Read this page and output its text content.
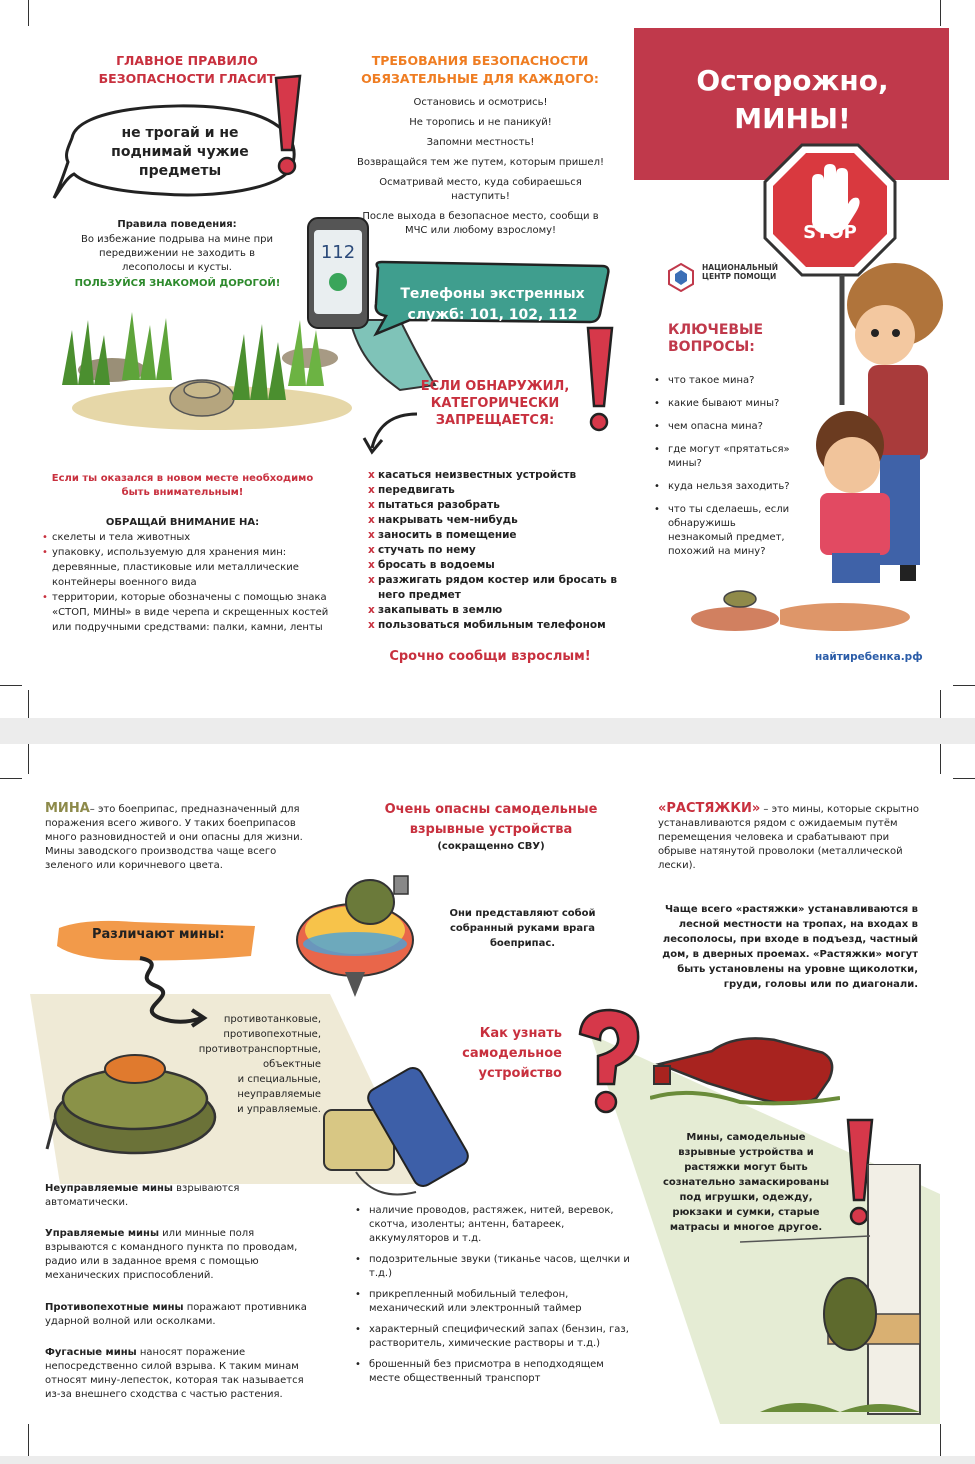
ГЛАВНОЕ ПРАВИЛО БЕЗОПАСНОСТИ ГЛАСИТ
не трогай и не поднимай чужие предметы
Правила поведения:
Во избежание подрыва на мине при передвижении не заходить в лесополосы и кусты.
ПОЛЬЗУЙСЯ ЗНАКОМОЙ ДОРОГОЙ!
112
Телефоны экстренных служб: 101, 102, 112
ТРЕБОВАНИЯ БЕЗОПАСНОСТИ ОБЯЗАТЕЛЬНЫЕ ДЛЯ КАЖДОГО:

Остановись и осмотрись!

Не торопись и не паникуй!

Запомни местность!

Возвращайся тем же путем, которым пришел!

Осматривай место, куда собираешься наступить!

После выхода в безопасное место, сообщи в МЧС или любому взрослому!

ЕСЛИ ОБНАРУЖИЛ, КАТЕГОРИЧЕСКИ ЗАПРЕЩАЕТСЯ:
x касаться неизвестных устройств
x передвигать
x пытаться разобрать
x накрывать чем-нибудь
x заносить в помещение
x стучать по нему
x бросать в водоемы
x разжигать рядом костер или бросать в него предмет
x закапывать в землю
x пользоваться мобильным телефоном
Срочно сообщи взрослым!
Если ты оказался в новом месте необходимо быть внимательным!
ОБРАЩАЙ ВНИМАНИЕ НА:
• скелеты и тела животных
• упаковку, используемую для хранения мин: деревянные, пластиковые или металлические контейнеры военного вида
• территории, которые обозначены с помощью знака «СТОП, МИНЫ» в виде черепа и скрещенных костей или подручными средствами: палки, камни, ленты
Осторожно, МИНЫ!
STOP
НАЦИОНАЛЬНЫЙ
ЦЕНТР ПОМОЩИ
КЛЮЧЕВЫЕ ВОПРОСЫ:
• что такое мина?
• какие бывают мины?
• чем опасна мина?
• где могут «прятаться» мины?
• куда нельзя заходить?
• что ты сделаешь, если обнаружишь незнакомый предмет, похожий на мину?
найтиребенка.рф
МИНА– это боеприпас, предназначенный для поражения всего живого. У таких боеприпасов много разновидностей и они опасны для жизни. Мины заводского производства чаще всего зеленого или коричневого цвета.
Различают мины:
противотанковые,
противопехотные,
противотранспортные,
объектные
и специальные,
неуправляемые
и управляемые.
Очень опасны самодельные взрывные устройства
(сокращенно СВУ)
Они представляют собой собранный руками врага боеприпас.
Как узнать самодельное устройство
• наличие проводов, растяжек, нитей, веревок, скотча, изоленты; антенн, батареек, аккумуляторов и т.д.
• подозрительные звуки (тиканье часов, щелчки и т.д.)
• прикрепленный мобильный телефон, механический или электронный таймер
• характерный специфический запах (бензин, газ, растворитель, химические растворы и т.д.)
• брошенный без присмотра в неподходящем месте общественный транспорт
Неуправляемые мины взрываются автоматически.
Управляемые мины или минные поля взрываются с командного пункта по проводам, радио или в заданное время с помощью механических приспособлений.
Противопехотные мины поражают противника ударной волной или осколками.
Фугасные мины наносят поражение непосредственно силой взрыва. К таким минам относят мину-лепесток, которая так называется из-за внешнего сходства с частью растения.
«РАСТЯЖКИ» – это мины, которые скрытно устанавливаются рядом с ожидаемым путём перемещения человека и срабатывают при обрыве натянутой проволоки (металлической лески).
Чаще всего «растяжки» устанавливаются в лесной местности на тропах, на входах в лесополосы, при входе в подъезд, частный дом, в дверных проемах. «Растяжки» могут быть установлены на уровне щиколотки, груди, головы или по диагонали.
Мины, самодельные взрывные устройства и растяжки могут быть сознательно замаскированы под игрушки, одежду, рюкзаки и сумки, старые матрасы и многое другое.
